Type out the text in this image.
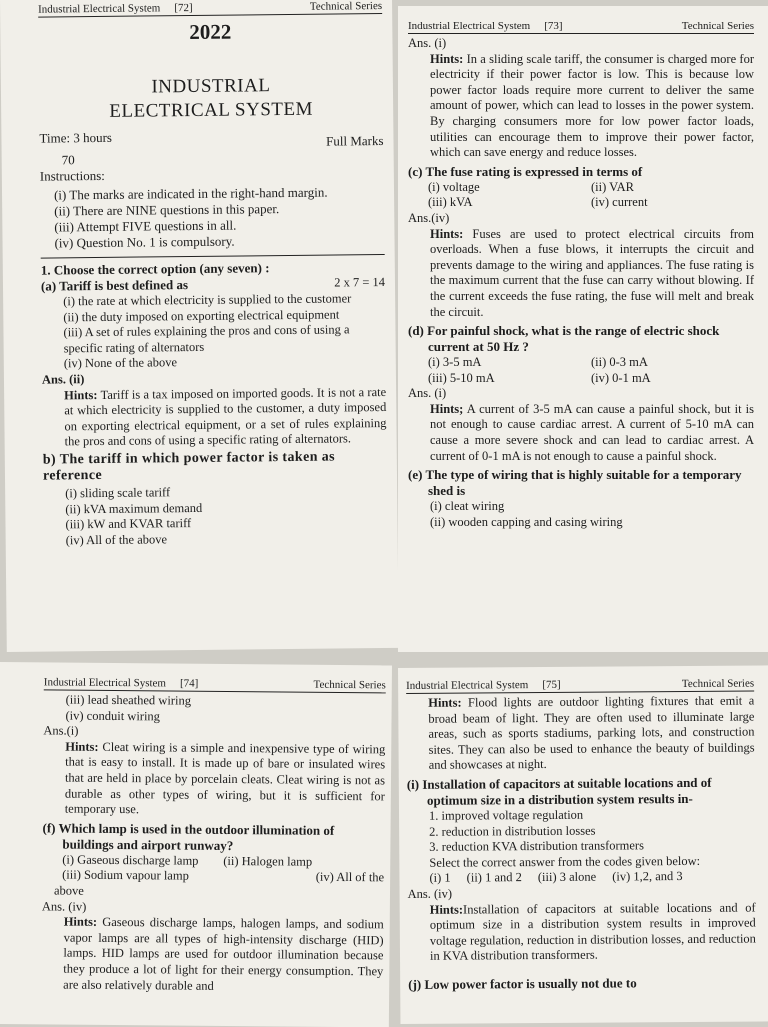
Industrial Electrical System [72]	Technical Series
2022
INDUSTRIAL
ELECTRICAL SYSTEM
Time: 3 hours	Full Marks
70
Instructions:
(i) The marks are indicated in the right-hand margin.
(ii) There are NINE questions in this paper.
(iii) Attempt FIVE questions in all.
(iv) Question No. 1 is compulsory.
1. Choose the correct option (any seven) :
(a) Tariff is best defined as	2 x 7 = 14
(i) the rate at which electricity is supplied to the customer
(ii) the duty imposed on exporting electrical equipment
(iii) A set of rules explaining the pros and cons of using a
specific rating of alternators
(iv) None of the above
Ans. (ii)
Hints: Tariff is a tax imposed on imported goods. It is not a rate at which electricity is supplied to the customer, a duty imposed on exporting electrical equipment, or a set of rules explaining the pros and cons of using a specific rating of alternators.
b) The tariff in which power factor is taken as reference
(i) sliding scale tariff
(ii) kVA maximum demand
(iii) kW and KVAR tariff
(iv) All of the above
Industrial Electrical System [73]	Technical Series
Ans. (i)
Hints: In a sliding scale tariff, the consumer is charged more for electricity if their power factor is low. This is because low power factor loads require more current to deliver the same amount of power, which can lead to losses in the power system. By charging consumers more for low power factor loads, utilities can encourage them to improve their power factor, which can save energy and reduce losses.
(c) The fuse rating is expressed in terms of
(i) voltage	(ii) VAR
(iii) kVA	(iv) current
Ans.(iv)
Hints: Fuses are used to protect electrical circuits from overloads. When a fuse blows, it interrupts the circuit and prevents damage to the wiring and appliances. The fuse rating is the maximum current that the fuse can carry without blowing. If the current exceeds the fuse rating, the fuse will melt and break the circuit.
(d) For painful shock, what is the range of electric shock current at 50 Hz ?
(i) 3-5 mA	(ii) 0-3 mA
(iii) 5-10 mA	(iv) 0-1 mA
Ans. (i)
Hints; A current of 3-5 mA can cause a painful shock, but it is not enough to cause cardiac arrest. A current of 5-10 mA can cause a more severe shock and can lead to cardiac arrest. A current of 0-1 mA is not enough to cause a painful shock.
(e) The type of wiring that is highly suitable for a temporary shed is
(i) cleat wiring
(ii) wooden capping and casing wiring
Industrial Electrical System [74]	Technical Series
(iii) lead sheathed wiring
(iv) conduit wiring
Ans.(i)
Hints: Cleat wiring is a simple and inexpensive type of wiring that is easy to install. It is made up of bare or insulated wires that are held in place by porcelain cleats. Cleat wiring is not as durable as other types of wiring, but it is sufficient for temporary use.
(f) Which lamp is used in the outdoor illumination of buildings and airport runway?
(i) Gaseous discharge lamp	(ii) Halogen lamp
(iii) Sodium vapour lamp	(iv) All of the
above
Ans. (iv)
Hints: Gaseous discharge lamps, halogen lamps, and sodium vapor lamps are all types of high-intensity discharge (HID) lamps. HID lamps are used for outdoor illumination because they produce a lot of light for their energy consumption. They are also relatively durable and
Industrial Electrical System [75]	Technical Series
Hints: Flood lights are outdoor lighting fixtures that emit a broad beam of light. They are often used to illuminate large areas, such as sports stadiums, parking lots, and construction sites. They can also be used to enhance the beauty of buildings and showcases at night.
(i) Installation of capacitors at suitable locations and of optimum size in a distribution system results in-
1. improved voltage regulation
2. reduction in distribution losses
3. reduction KVA distribution transformers
Select the correct answer from the codes given below:
(i) 1 (ii) 1 and 2 (iii) 3 alone (iv) 1,2, and 3
Ans. (iv)
Hints:Installation of capacitors at suitable locations and of optimum size in a distribution system results in improved voltage regulation, reduction in distribution losses, and reduction in KVA distribution transformers.
(j) Low power factor is usually not due to
